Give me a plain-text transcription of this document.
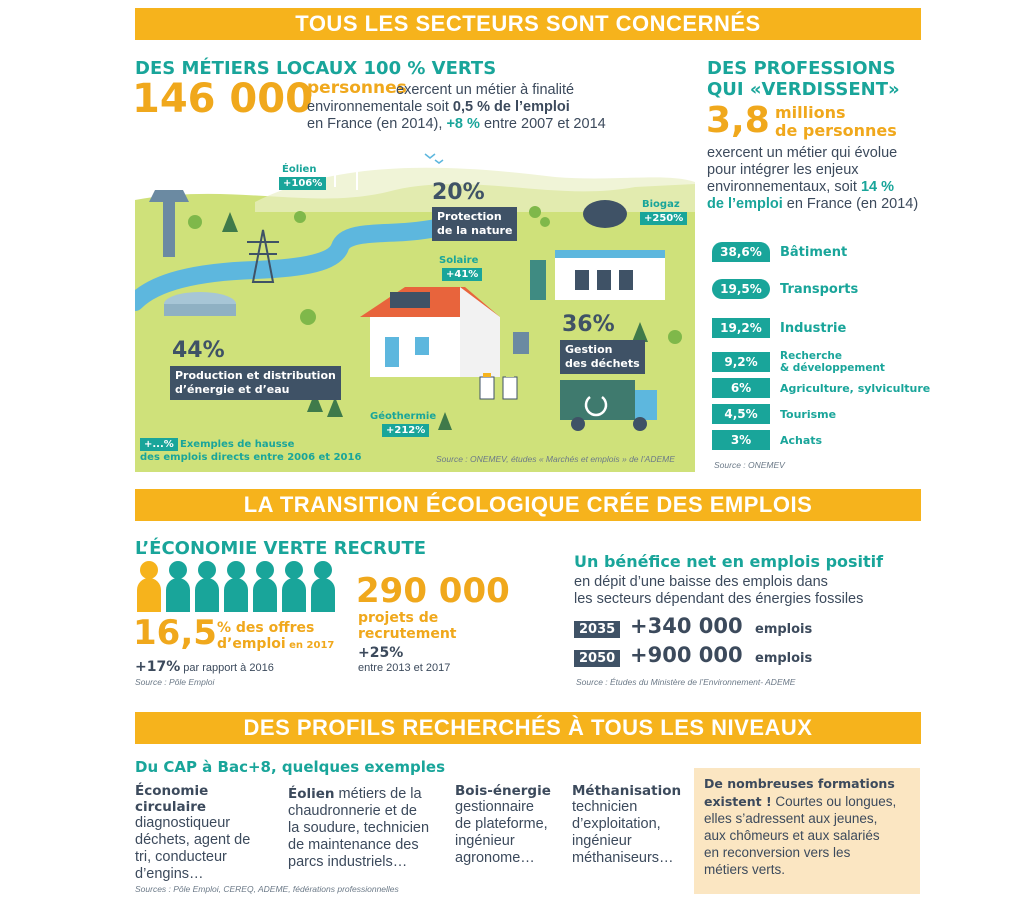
TOUS LES SECTEURS SONT CONCERNÉS
DES MÉTIERS LOCAUX 100 % VERTS
146 000
personnes
exercent un métier à finalité
environnementale soit 0,5 % de l’emploi
en France (en 2014), +8 % entre 2007 et 2014
Éolien
+106%	20%
Protection
de la nature
Biogaz
+250%
Solaire
+41%
36%
Gestion
des déchets
44%
Production et distribution
d’énergie et d’eau
Géothermie
+212%
+...% Exemples de hausse
des emplois directs entre 2006 et 2016	Source : ONEMEV, études « Marchés et emplois » de l’ADEME
DES PROFESSIONS
QUI «VERDISSENT»
3,8 millions
de personnes
exercent un métier qui évolue
pour intégrer les enjeux
environnementaux, soit 14 %
de l’emploi en France (en 2014)
38,6%	Bâtiment
19,5%	Transports
19,2%	Industrie
9,2%	Recherche
& développement
6%	Agriculture, sylviculture
4,5%	Tourisme
3%	Achats
Source : ONEMEV
LA TRANSITION ÉCOLOGIQUE CRÉE DES EMPLOIS
L’ÉCONOMIE VERTE RECRUTE
16,5 % des offres
d’emploi en 2017
+17% par rapport à 2016
Source : Pôle Emploi
290 000
projets de
recrutement
+25%
entre 2013 et 2017
Un bénéfice net en emplois positif
en dépit d’une baisse des emplois dans
les secteurs dépendant des énergies fossiles
2035 +340 000 emplois
2050 +900 000 emplois
Source : Études du Ministère de l’Environnement- ADEME
DES PROFILS RECHERCHÉS À TOUS LES NIVEAUX
Du CAP à Bac+8, quelques exemples
Économie circulaire
diagnostiqueur
déchets, agent de
tri, conducteur
d’engins…
Éolien métiers de la
chaudronnerie et de
la soudure, technicien
de maintenance des
parcs industriels…
Bois-énergie
gestionnaire
de plateforme,
ingénieur
agronome…
Méthanisation
technicien
d’exploitation,
ingénieur
méthaniseurs…
De nombreuses formations
existent ! Courtes ou longues,
elles s’adressent aux jeunes,
aux chômeurs et aux salariés
en reconversion vers les
métiers verts.
Sources : Pôle Emploi, CEREQ, ADEME, fédérations professionnelles
